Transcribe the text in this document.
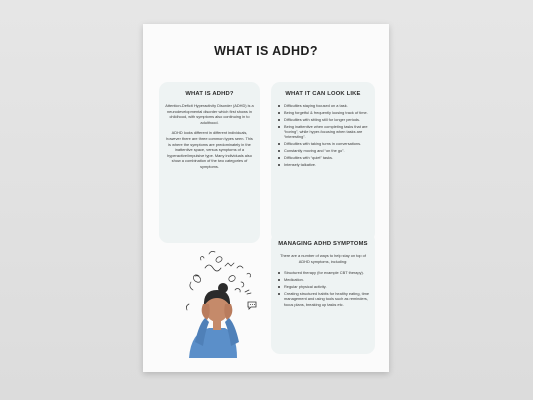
WHAT IS ADHD?
WHAT IS ADHD?

Attention-Deficit Hyperactivity Disorder (ADHD) is a neurodevelopmental disorder which first shows in childhood, with symptoms also continuing in to adulthood.

ADHD looks different in different individuals, however there are three common types seen. This is where the symptoms are predominately in the inattentive space, versus symptoms of a hyperactive/impulsive type. Many individuals also show a combination of the two categories of symptoms.

WHAT IT CAN LOOK LIKE
Difficulties staying focused on a task.
Being forgetful & frequently loosing track of time.
Difficulties with sitting still for longer periods.
Being inattentive when completing tasks that are “boring”, while hyper-focusing when tasks are “interesting”.
Difficulties with taking turns in conversations.
Constantly moving and “on the go”.
Difficulties with “quiet” tasks.
Intensely talkative.
MANAGING ADHD SYMPTOMS
There are a number of ways to help stay on top of ADHD symptoms, including:
Structured therapy (for example CBT therapy).
Medication.
Regular physical activity.
Creating structured habits for healthy eating, time management and using tools such as reminders, focus plans, breaking up tasks etc.
